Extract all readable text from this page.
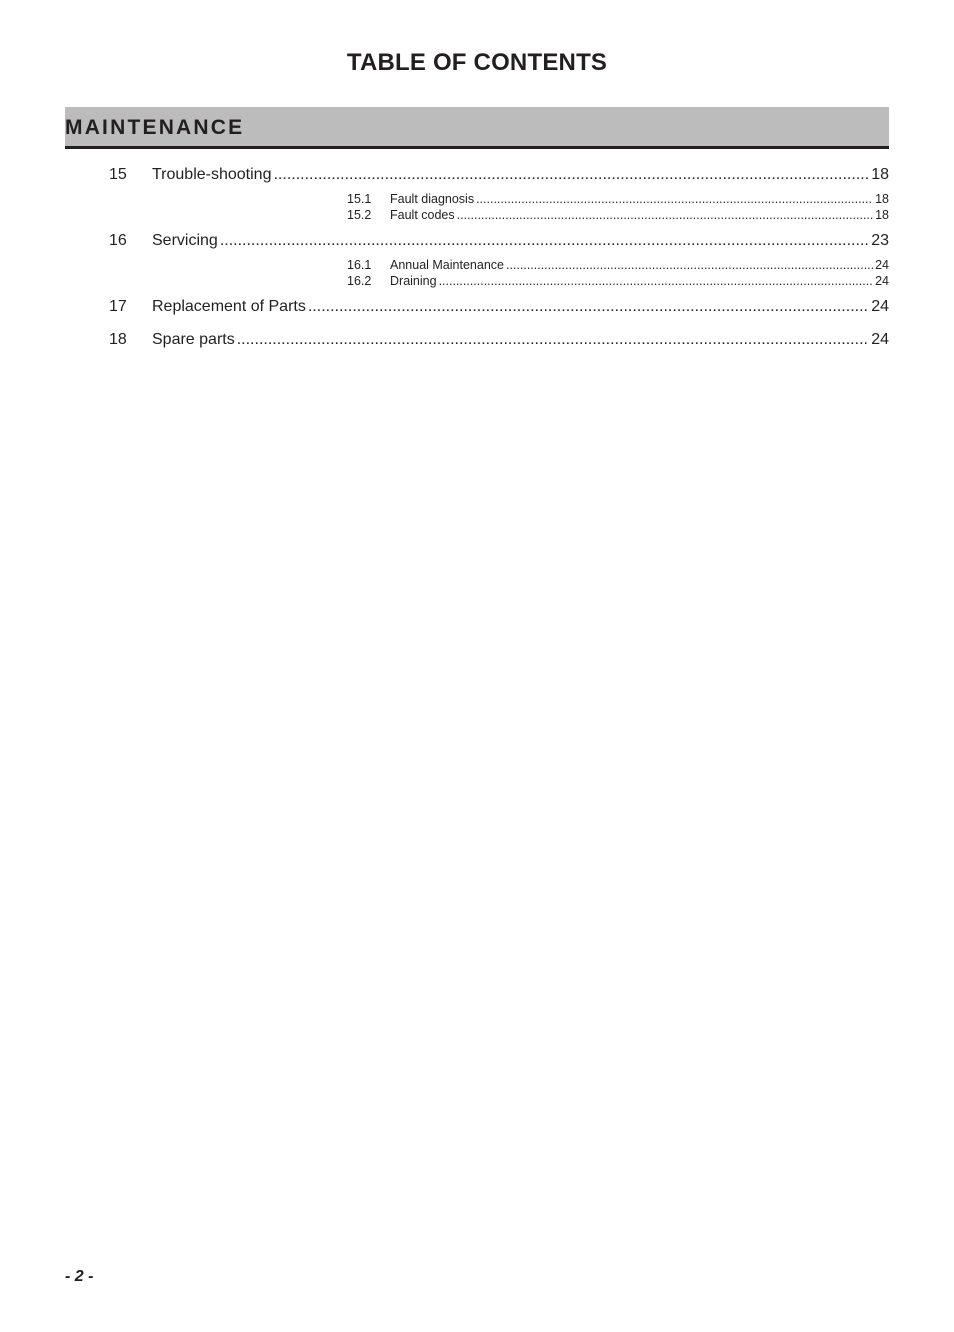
TABLE OF CONTENTS
MAINTENANCE
15	Trouble-shooting .....	18
15.1	Fault diagnosis .....	18
15.2	Fault codes .....	18
16	Servicing .....	23
16.1	Annual Maintenance .....	24
16.2	Draining .....	24
17	Replacement of Parts .....	24
18	Spare parts .....	24
- 2 -
